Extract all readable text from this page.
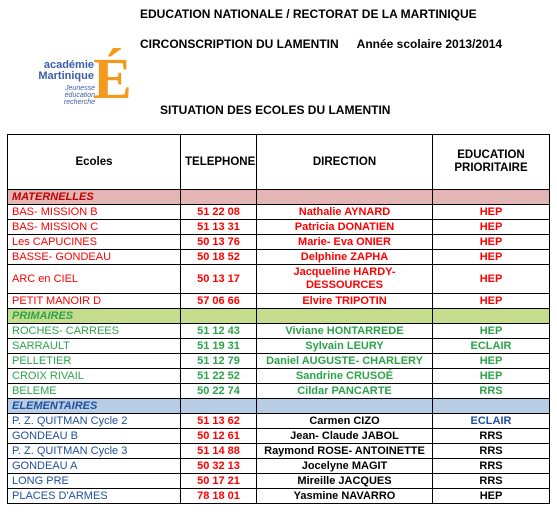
EDUCATION NATIONALE / RECTORAT DE LA MARTINIQUE
CIRCONSCRIPTION DU LAMENTIN Année scolaire 2013/2014
académie
Martinique
Jeunesse
éducation
recherche
É SITUATION DES ECOLES DU LAMENTIN
Ecoles	TELEPHONE	DIRECTION	EDUCATION PRIORITAIRE
MATERNELLES			
BAS- MISSION B	51 22 08	Nathalie AYNARD	HEP
BAS- MISSION C	51 13 31	Patricia DONATIEN	HEP
Les CAPUCINES	50 13 76	Marie- Eva ONIER	HEP
BASSE- GONDEAU	50 18 52	Delphine ZAPHA	HEP
ARC en CIEL	50 13 17	Jacqueline HARDY- DESSOURCES	HEP
PETIT MANOIR D	57 06 66	Elvire TRIPOTIN	HEP
PRIMAIRES			
ROCHES- CARREES	51 12 43	Viviane HONTARREDE	HEP
SARRAULT	51 19 31	Sylvain LEURY	ECLAIR
PELLETIER	51 12 79	Daniel AUGUSTE- CHARLERY	HEP
CROIX RIVAIL	51 22 52	Sandrine CRUSOÉ	HEP
BELEME	50 22 74	Cildar PANCARTE	RRS
ELEMENTAIRES			
P. Z. QUITMAN Cycle 2	51 13 62	Carmen CIZO	ECLAIR
GONDEAU B	50 12 61	Jean- Claude JABOL	RRS
P. Z. QUITMAN Cycle 3	51 14 88	Raymond ROSE- ANTOINETTE	RRS
GONDEAU A	50 32 13	Jocelyne MAGIT	RRS
LONG PRE	50 17 21	Mireille JACQUES	RRS
PLACES D'ARMES	78 18 01	Yasmine NAVARRO	HEP
